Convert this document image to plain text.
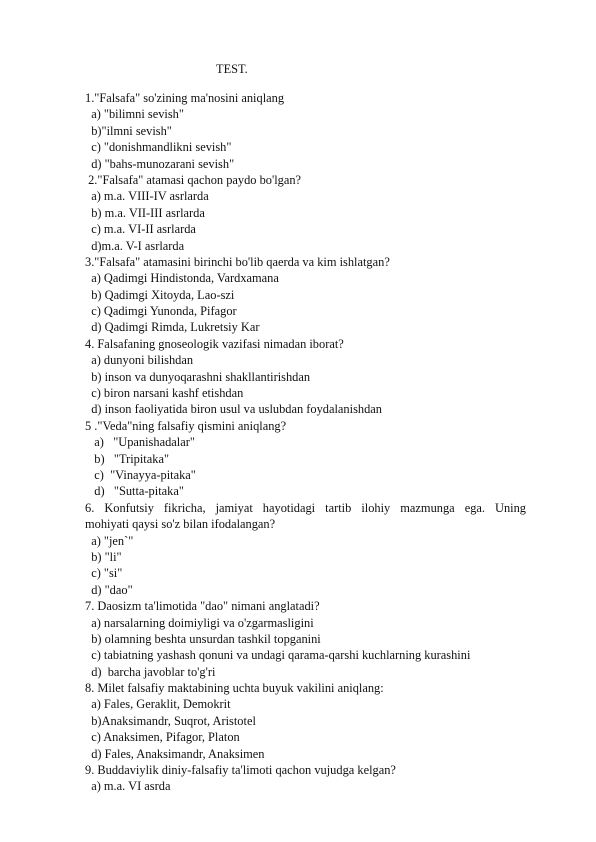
TEST.
1."Falsafa" so'zining ma'nosini aniqlang
a) "bilimni sevish"
b)"ilmni sevish"
c) "donishmandlikni sevish"
d) "bahs-munozarani sevish"
2."Falsafa" atamasi qachon paydo bo'lgan?
a) m.a. VIII-IV asrlarda
b) m.a. VII-III asrlarda
c) m.a. VI-II asrlarda
d)m.a. V-I asrlarda
3."Falsafa" atamasini birinchi bo'lib qaerda va kim ishlatgan?
a) Qadimgi Hindistonda, Vardxamana
b) Qadimgi Xitoyda, Lao-szi
c) Qadimgi Yunonda, Pifagor
d) Qadimgi Rimda, Lukretsiy Kar
4. Falsafaning gnoseologik vazifasi nimadan iborat?
a) dunyoni bilishdan
b) inson va dunyoqarashni shakllantirishdan
c) biron narsani kashf etishdan
d) inson faoliyatida biron usul va uslubdan foydalanishdan
5 ."Veda"ning falsafiy qismini aniqlang?
a)   "Upanishadalar"
b)   "Tripitaka"
c)  "Vinayya-pitaka"
d)   "Sutta-pitaka"
6. Konfutsiy fikricha, jamiyat hayotidagi tartib ilohiy mazmunga ega. Uning
mohiyati qaysi so'z bilan ifodalangan?
a) "jen`"
b) "li"
c) "si"
d) "dao"
7. Daosizm ta'limotida "dao" nimani anglatadi?
a) narsalarning doimiyligi va o'zgarmasligini
b) olamning beshta unsurdan tashkil topganini
c) tabiatning yashash qonuni va undagi qarama-qarshi kuchlarning kurashini
d)  barcha javoblar to'g'ri
8. Milet falsafiy maktabining uchta buyuk vakilini aniqlang:
a) Fales, Geraklit, Demokrit
b)Anaksimandr, Suqrot, Aristotel
c) Anaksimen, Pifagor, Platon
d) Fales, Anaksimandr, Anaksimen
9. Buddaviylik diniy-falsafiy ta'limoti qachon vujudga kelgan?
a) m.a. VI asrda
